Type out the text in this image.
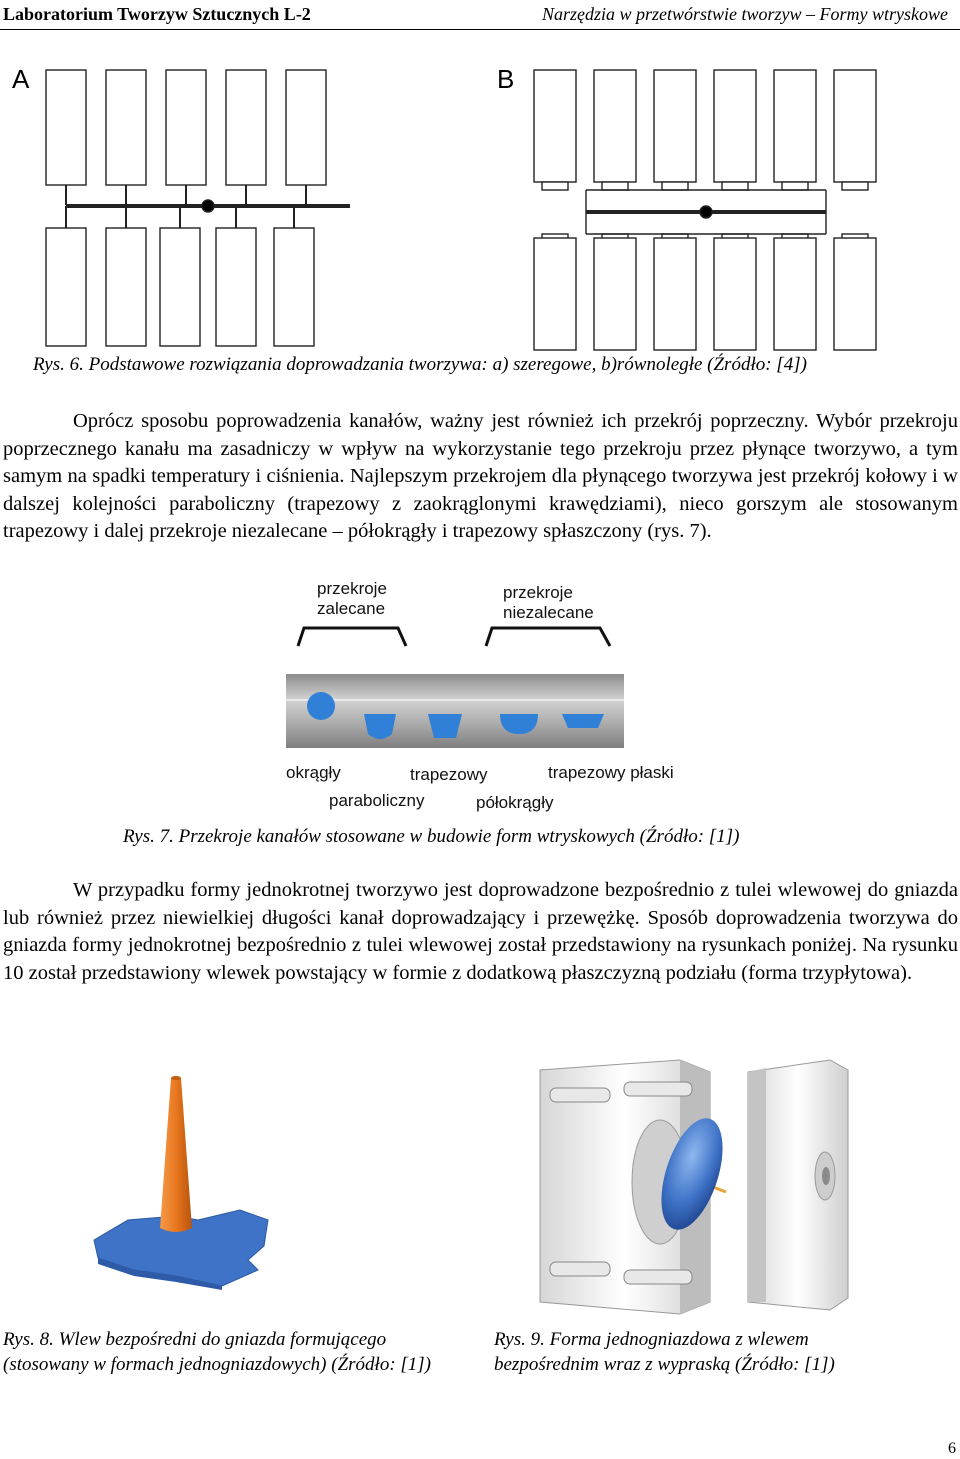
Laboratorium Tworzyw Sztucznych L-2	Narzędzia w przetwórstwie tworzyw – Formy wtryskowe
A	B
Rys. 6. Podstawowe rozwiązania doprowadzania tworzywa: a) szeregowe, b)równoległe (Źródło: [4])
Oprócz sposobu poprowadzenia kanałów, ważny jest również ich przekrój poprzeczny. Wybór przekroju poprzecznego kanału ma zasadniczy w wpływ na wykorzystanie tego przekroju przez płynące tworzywo, a tym samym na spadki temperatury i ciśnienia. Najlepszym przekrojem dla płynącego tworzywa jest przekrój kołowy i w dalszej kolejności paraboliczny (trapezowy z zaokrąglonymi krawędziami), nieco gorszym ale stosowanym trapezowy i dalej przekroje niezalecane – półokrągły i trapezowy spłaszczony (rys. 7).
przekroje
zalecane
przekroje
niezalecane
okrągły	trapezowy	trapezowy płaski
paraboliczny	półokrągły
Rys. 7. Przekroje kanałów stosowane w budowie form wtryskowych (Źródło: [1])
W przypadku formy jednokrotnej tworzywo jest doprowadzone bezpośrednio z tulei wlewowej do gniazda lub również przez niewielkiej długości kanał doprowadzający i przewężkę. Sposób doprowadzenia tworzywa do gniazda formy jednokrotnej bezpośrednio z tulei wlewowej został przedstawiony na rysunkach poniżej. Na rysunku 10 został przedstawiony wlewek powstający w formie z dodatkową płaszczyzną podziału (forma trzypłytowa).
Rys. 8. Wlew bezpośredni do gniazda formującego (stosowany w formach jednogniazdowych) (Źródło: [1])
Rys. 9. Forma jednogniazdowa z wlewem bezpośrednim wraz z wypraską (Źródło: [1])
6
